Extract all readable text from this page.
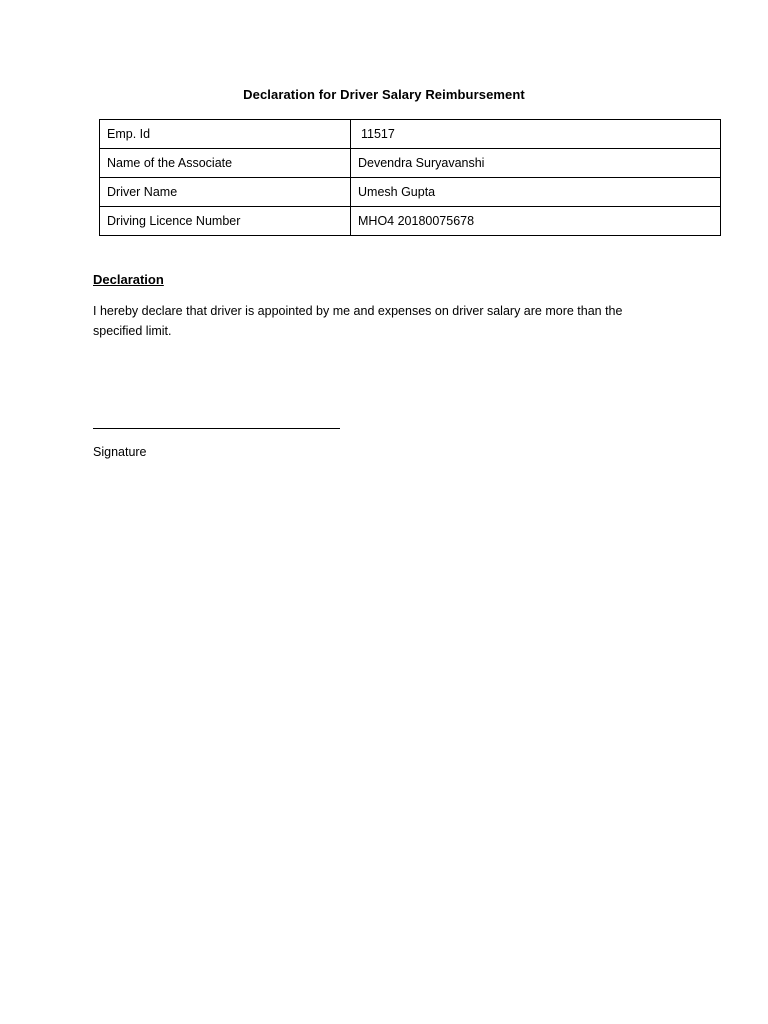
Declaration for Driver Salary Reimbursement
Emp. Id	11517
Name of the Associate	Devendra Suryavanshi
Driver Name	Umesh Gupta
Driving Licence Number	MHO4 20180075678
Declaration
I hereby declare that driver is appointed by me and expenses on driver salary are more than the specified limit.
Signature
